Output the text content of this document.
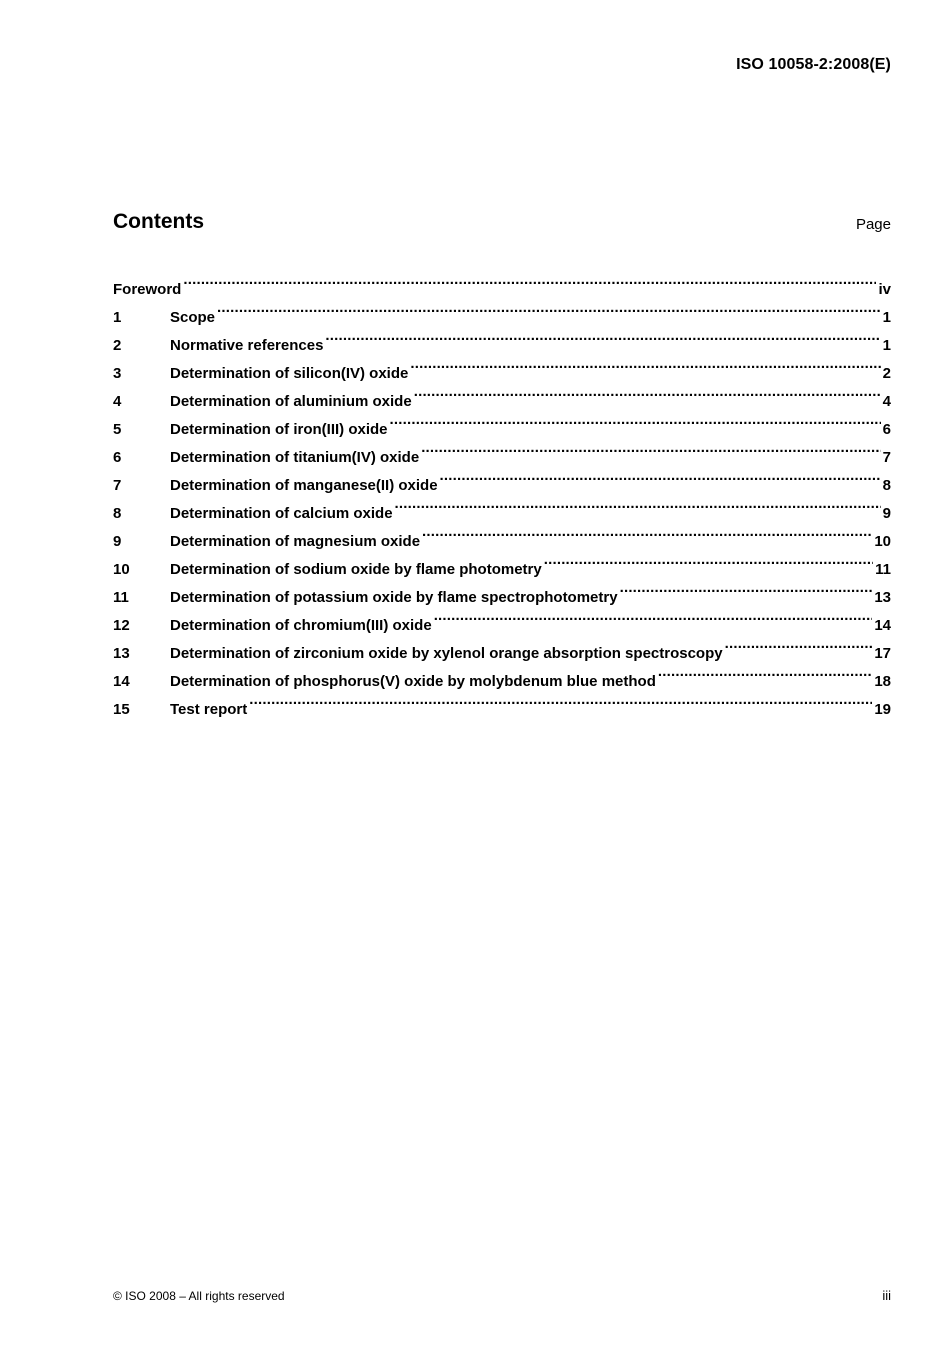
ISO 10058-2:2008(E)
Contents	Page
Foreword .....	iv
1	Scope .....	1
2	Normative references .....	1
3	Determination of silicon(IV) oxide .....	2
4	Determination of aluminium oxide .....	4
5	Determination of iron(III) oxide .....	6
6	Determination of titanium(IV) oxide .....	7
7	Determination of manganese(II) oxide .....	8
8	Determination of calcium oxide .....	9
9	Determination of magnesium oxide .....	10
10	Determination of sodium oxide by flame photometry .....	11
11	Determination of potassium oxide by flame spectrophotometry .....	13
12	Determination of chromium(III) oxide .....	14
13	Determination of zirconium oxide by xylenol orange absorption spectroscopy .....	17
14	Determination of phosphorus(V) oxide by molybdenum blue method .....	18
15	Test report .....	19
© ISO 2008 – All rights reserved	iii
